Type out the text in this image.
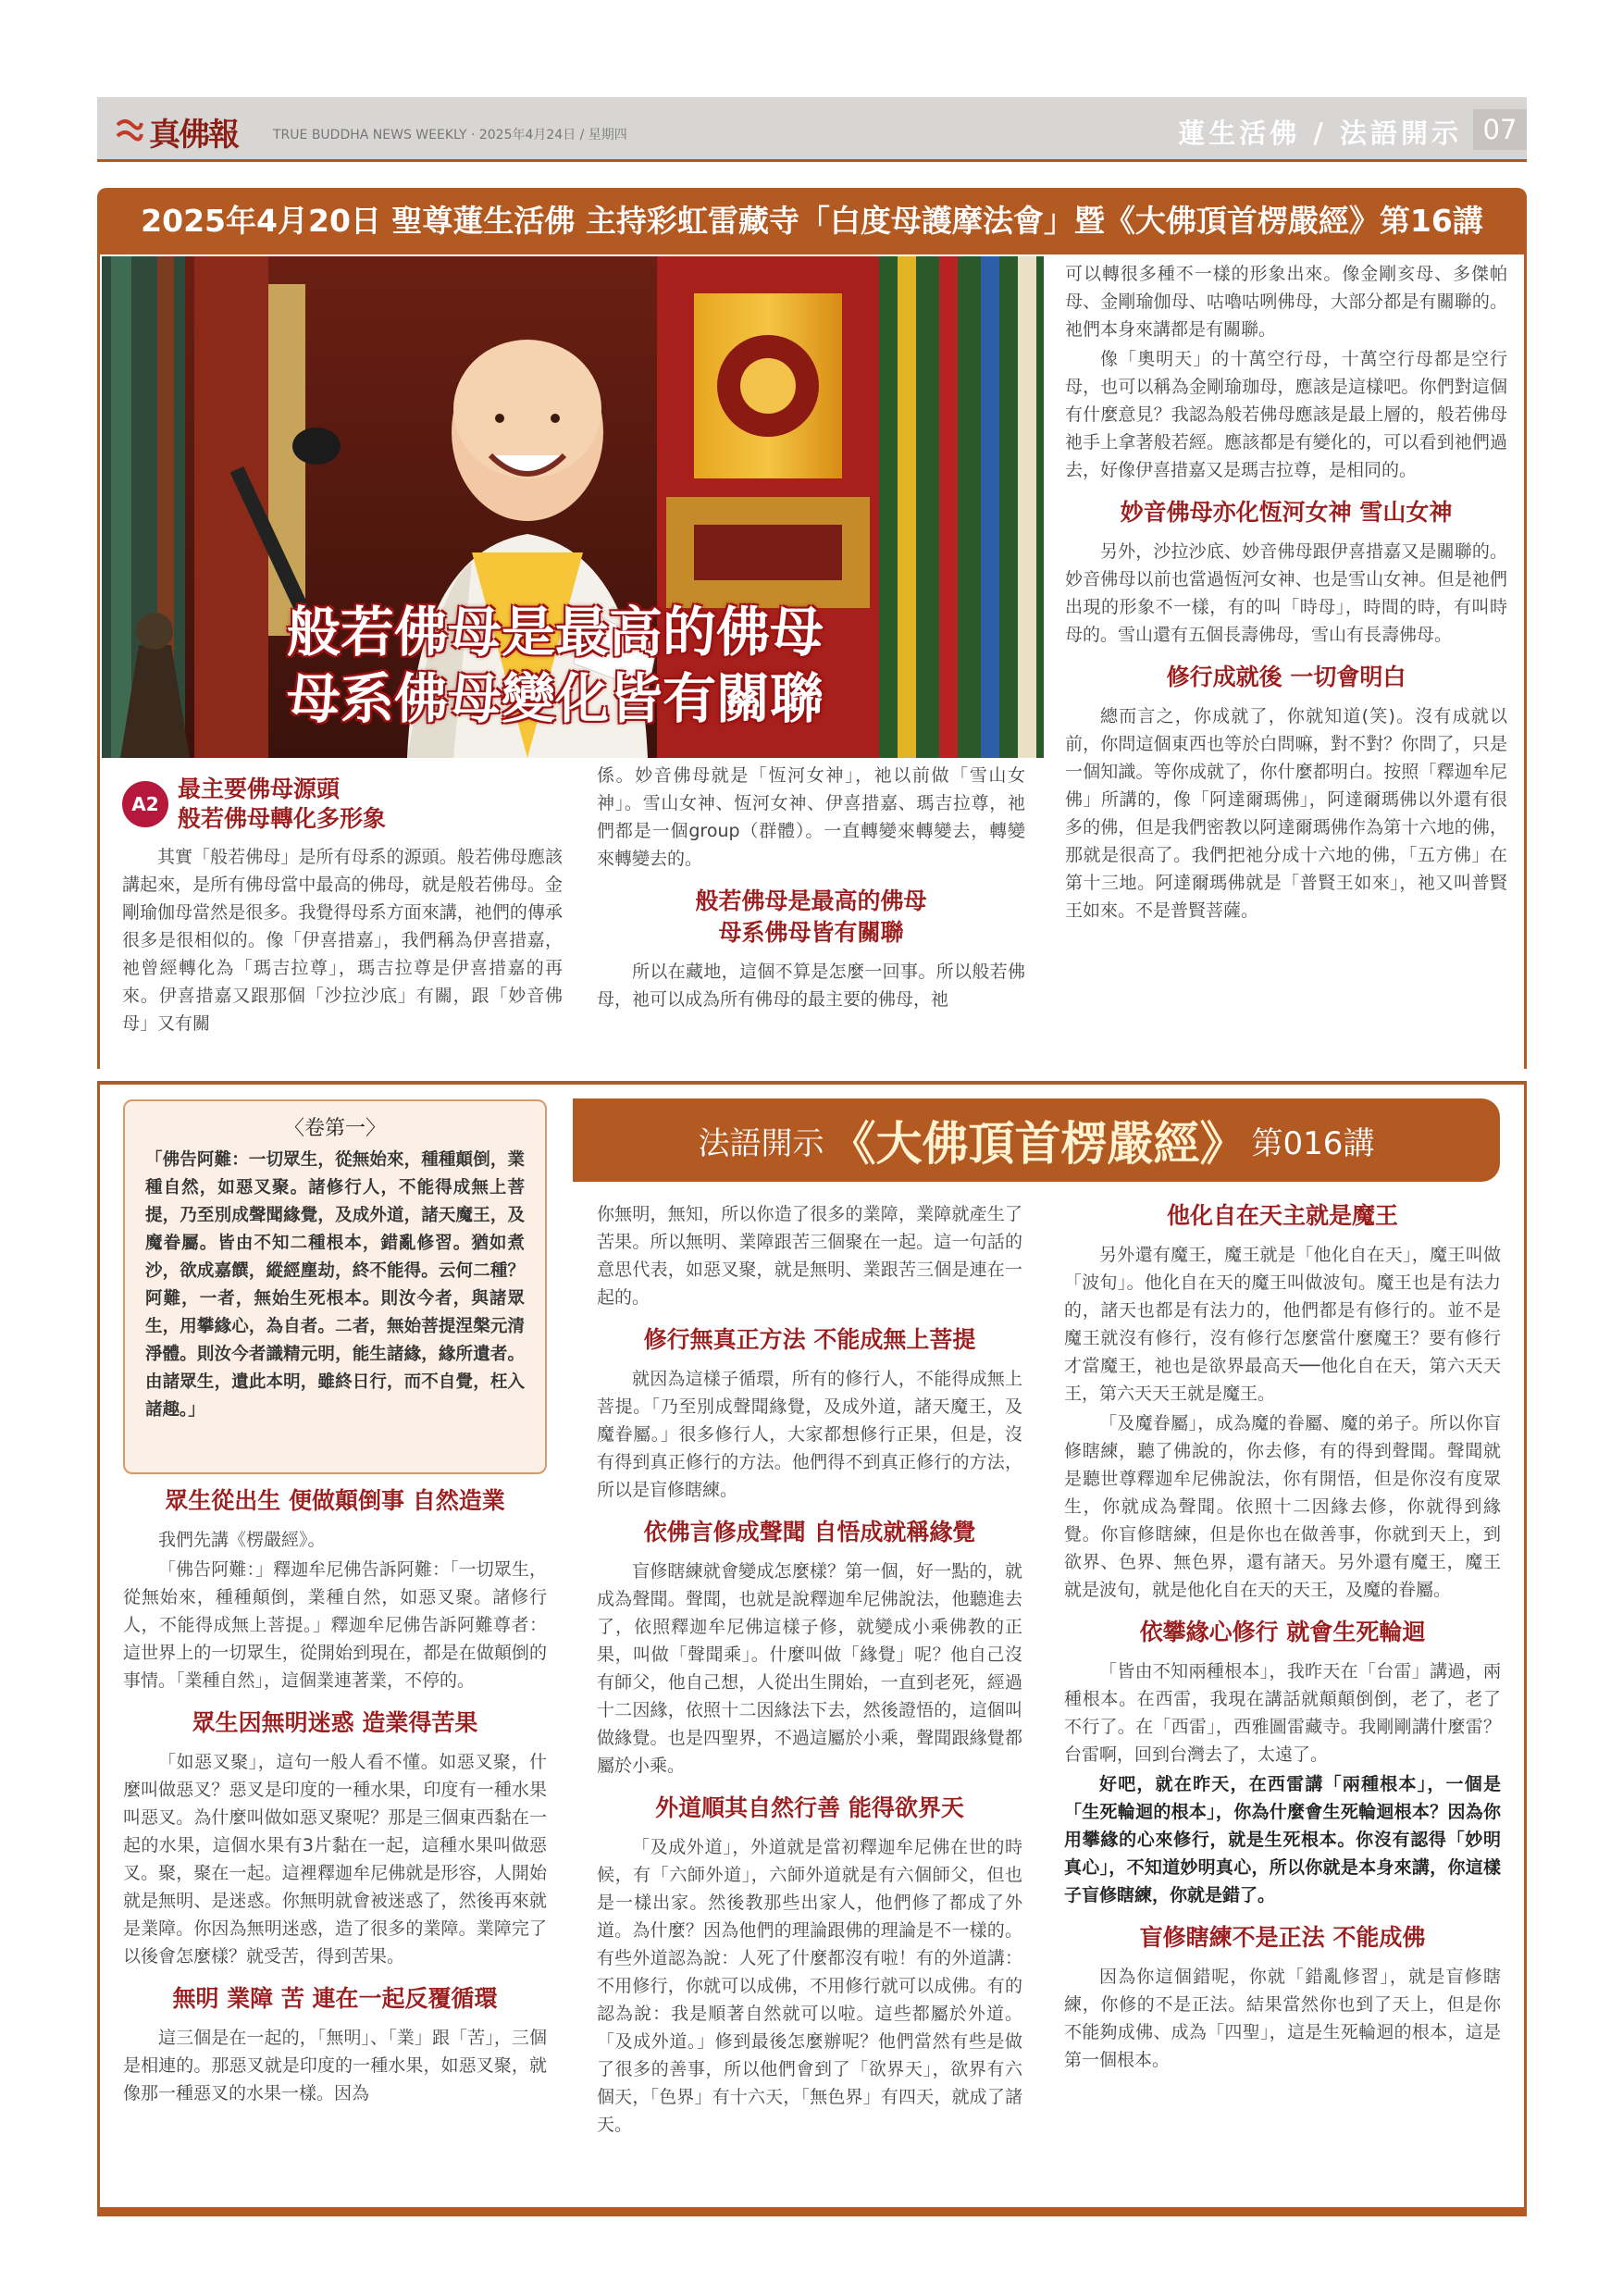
真佛報	TRUE BUDDHA NEWS WEEKLY · 2025年4月24日 / 星期四	蓮生活佛 / 法語開示 07
2025年4月20日 聖尊蓮生活佛 主持彩虹雷藏寺「白度母護摩法會」暨《大佛頂首楞嚴經》第16講
般若佛母是最高的佛母
母系佛母變化皆有關聯
A2
最主要佛母源頭
般若佛母轉化多形象

其實「般若佛母」是所有母系的源頭。般若佛母應該講起來，是所有佛母當中最高的佛母，就是般若佛母。金剛瑜伽母當然是很多。我覺得母系方面來講，祂們的傳承很多是很相似的。像「伊喜措嘉」，我們稱為伊喜措嘉，祂曾經轉化為「瑪吉拉尊」，瑪吉拉尊是伊喜措嘉的再來。伊喜措嘉又跟那個「沙拉沙底」有關，跟「妙音佛母」又有關

係。妙音佛母就是「恆河女神」，祂以前做「雪山女神」。雪山女神、恆河女神、伊喜措嘉、瑪吉拉尊，祂們都是一個group（群體）。一直轉變來轉變去，轉變來轉變去的。

般若佛母是最高的佛母
母系佛母皆有關聯

所以在藏地，這個不算是怎麼一回事。所以般若佛母，祂可以成為所有佛母的最主要的佛母，祂

可以轉很多種不一樣的形象出來。像金剛亥母、多傑帕母、金剛瑜伽母、咕嚕咕咧佛母，大部分都是有關聯的。祂們本身來講都是有關聯。

像「奧明天」的十萬空行母，十萬空行母都是空行母，也可以稱為金剛瑜珈母，應該是這樣吧。你們對這個有什麼意見？我認為般若佛母應該是最上層的，般若佛母祂手上拿著般若經。應該都是有變化的，可以看到祂們過去，好像伊喜措嘉又是瑪吉拉尊，是相同的。

妙音佛母亦化恆河女神 雪山女神

另外，沙拉沙底、妙音佛母跟伊喜措嘉又是關聯的。妙音佛母以前也當過恆河女神、也是雪山女神。但是祂們出現的形象不一樣，有的叫「時母」，時間的時，有叫時母的。雪山還有五個長壽佛母，雪山有長壽佛母。

修行成就後 一切會明白

總而言之，你成就了，你就知道(笑)。沒有成就以前，你問這個東西也等於白問嘛，對不對？你問了，只是一個知識。等你成就了，你什麼都明白。按照「釋迦牟尼佛」所講的，像「阿達爾瑪佛」，阿達爾瑪佛以外還有很多的佛，但是我們密教以阿達爾瑪佛作為第十六地的佛，那就是很高了。我們把祂分成十六地的佛，「五方佛」在第十三地。阿達爾瑪佛就是「普賢王如來」，祂又叫普賢王如來。不是普賢菩薩。

〈卷第一〉
「佛告阿難：一切眾生，從無始來，種種顛倒，業種自然，如惡叉聚。諸修行人，不能得成無上菩提，乃至別成聲聞緣覺，及成外道，諸天魔王，及魔眷屬。皆由不知二種根本，錯亂修習。猶如煮沙，欲成嘉饌，縱經塵劫，終不能得。云何二種？阿難，一者，無始生死根本。則汝今者，與諸眾生，用攀緣心，為自者。二者，無始菩提涅槃元清淨體。則汝今者識精元明，能生諸緣，緣所遺者。由諸眾生，遺此本明，雖終日行，而不自覺，枉入諸趣。」
法語開示 《大佛頂首楞嚴經》 第016講
眾生從出生 便做顛倒事 自然造業

我們先講《楞嚴經》。

「佛告阿難：」釋迦牟尼佛告訴阿難：「一切眾生，從無始來，種種顛倒，業種自然，如惡叉聚。諸修行人，不能得成無上菩提。」釋迦牟尼佛告訴阿難尊者：這世界上的一切眾生，從開始到現在，都是在做顛倒的事情。「業種自然」，這個業連著業，不停的。

眾生因無明迷惑 造業得苦果

「如惡叉聚」，這句一般人看不懂。如惡叉聚，什麼叫做惡叉？惡叉是印度的一種水果，印度有一種水果叫惡叉。為什麼叫做如惡叉聚呢？那是三個東西黏在一起的水果，這個水果有3片黏在一起，這種水果叫做惡叉。聚，聚在一起。這裡釋迦牟尼佛就是形容，人開始就是無明、是迷惑。你無明就會被迷惑了，然後再來就是業障。你因為無明迷惑，造了很多的業障。業障完了以後會怎麼樣？就受苦，得到苦果。

無明 業障 苦 連在一起反覆循環

這三個是在一起的，「無明」、「業」跟「苦」，三個是相連的。那惡叉就是印度的一種水果，如惡叉聚，就像那一種惡叉的水果一樣。因為

你無明，無知，所以你造了很多的業障，業障就產生了苦果。所以無明、業障跟苦三個聚在一起。這一句話的意思代表，如惡叉聚，就是無明、業跟苦三個是連在一起的。

修行無真正方法 不能成無上菩提

就因為這樣子循環，所有的修行人，不能得成無上菩提。「乃至別成聲聞緣覺，及成外道，諸天魔王，及魔眷屬。」很多修行人，大家都想修行正果，但是，沒有得到真正修行的方法。他們得不到真正修行的方法，所以是盲修瞎練。

依佛言修成聲聞 自悟成就稱緣覺

盲修瞎練就會變成怎麼樣？第一個，好一點的，就成為聲聞。聲聞，也就是說釋迦牟尼佛說法，他聽進去了，依照釋迦牟尼佛這樣子修，就變成小乘佛教的正果，叫做「聲聞乘」。什麼叫做「緣覺」呢？他自己沒有師父，他自己想，人從出生開始，一直到老死，經過十二因緣，依照十二因緣法下去，然後證悟的，這個叫做緣覺。也是四聖界，不過這屬於小乘，聲聞跟緣覺都屬於小乘。

外道順其自然行善 能得欲界天

「及成外道」，外道就是當初釋迦牟尼佛在世的時候，有「六師外道」，六師外道就是有六個師父，但也是一樣出家。然後教那些出家人，他們修了都成了外道。為什麼？因為他們的理論跟佛的理論是不一樣的。有些外道認為說：人死了什麼都沒有啦！有的外道講：不用修行，你就可以成佛，不用修行就可以成佛。有的認為說：我是順著自然就可以啦。這些都屬於外道。「及成外道。」修到最後怎麼辦呢？他們當然有些是做了很多的善事，所以他們會到了「欲界天」，欲界有六個天，「色界」有十六天，「無色界」有四天，就成了諸天。

他化自在天主就是魔王

另外還有魔王，魔王就是「他化自在天」，魔王叫做「波旬」。他化自在天的魔王叫做波旬。魔王也是有法力的，諸天也都是有法力的，他們都是有修行的。並不是魔王就沒有修行，沒有修行怎麼當什麼魔王？要有修行才當魔王，祂也是欲界最高天──他化自在天，第六天天王，第六天天王就是魔王。

「及魔眷屬」，成為魔的眷屬、魔的弟子。所以你盲修瞎練，聽了佛說的，你去修，有的得到聲聞。聲聞就是聽世尊釋迦牟尼佛說法，你有開悟，但是你沒有度眾生，你就成為聲聞。依照十二因緣去修，你就得到緣覺。你盲修瞎練，但是你也在做善事，你就到天上，到欲界、色界、無色界，還有諸天。另外還有魔王，魔王就是波旬，就是他化自在天的天王，及魔的眷屬。

依攀緣心修行 就會生死輪迴

「皆由不知兩種根本」，我昨天在「台雷」講過，兩種根本。在西雷，我現在講話就顛顛倒倒，老了，老了不行了。在「西雷」，西雅圖雷藏寺。我剛剛講什麼雷？台雷啊，回到台灣去了，太遠了。

好吧，就在昨天，在西雷講「兩種根本」，一個是「生死輪迴的根本」，你為什麼會生死輪迴根本？因為你用攀緣的心來修行，就是生死根本。你沒有認得「妙明真心」，不知道妙明真心，所以你就是本身來講，你這樣子盲修瞎練，你就是錯了。

盲修瞎練不是正法 不能成佛

因為你這個錯呢，你就「錯亂修習」，就是盲修瞎練，你修的不是正法。結果當然你也到了天上，但是你不能夠成佛、成為「四聖」，這是生死輪迴的根本，這是第一個根本。
